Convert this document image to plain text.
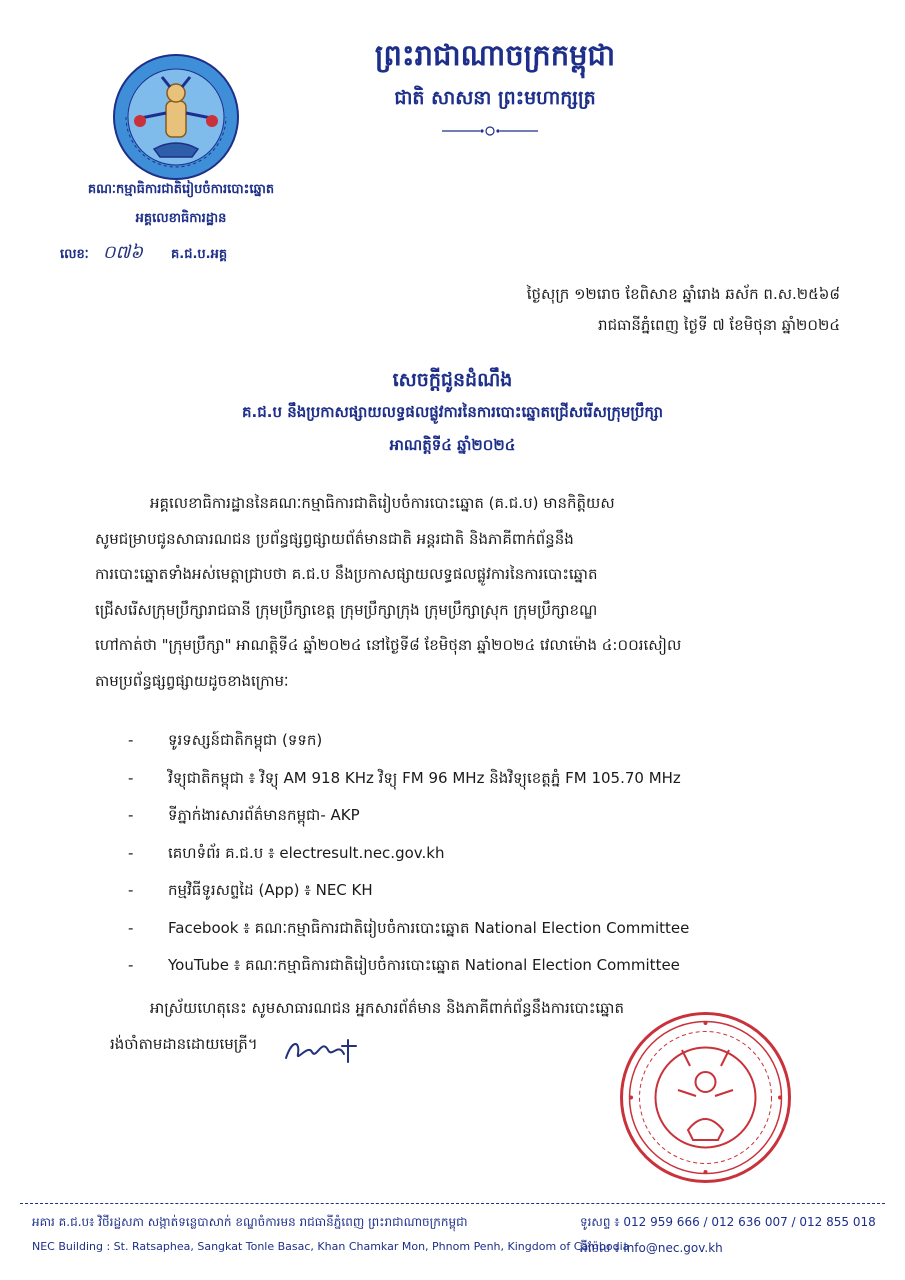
ព្រះរាជាណាចក្រកម្ពុជា
ជាតិ សាសនា ព្រះមហាក្សត្រ
គណៈកម្មាធិការជាតិរៀបចំការបោះឆ្នោត
អគ្គលេខាធិការដ្ឋាន
លេខៈ ០៧៦ គ.ជ.ប.អគ្គ
ថ្ងៃសុក្រ ១២រោច ខែពិសាខ ឆ្នាំរោង ឆស័ក ព.ស.២៥៦៨
រាជធានីភ្នំពេញ ថ្ងៃទី ៧ ខែមិថុនា ឆ្នាំ២០២៤
សេចក្តីជូនដំណឹង
គ.ជ.ប នឹងប្រកាសផ្សាយលទ្ធផលផ្លូវការនៃការបោះឆ្នោតជ្រើសរើសក្រុមប្រឹក្សា
អាណត្តិទី៤ ឆ្នាំ២០២៤
អគ្គលេខាធិការដ្ឋាននៃគណៈកម្មាធិការជាតិរៀបចំការបោះឆ្នោត (គ.ជ.ប) មានកិត្តិយស
សូមជម្រាបជូនសាធារណជន ប្រព័ន្ធផ្សព្វផ្សាយព័ត៌មានជាតិ អន្តរជាតិ និងភាគីពាក់ព័ន្ធនឹង
ការបោះឆ្នោតទាំងអស់មេត្តាជ្រាបថា គ.ជ.ប នឹងប្រកាសផ្សាយលទ្ធផលផ្លូវការនៃការបោះឆ្នោត
ជ្រើសរើសក្រុមប្រឹក្សារាជធានី ក្រុមប្រឹក្សាខេត្ត ក្រុមប្រឹក្សាក្រុង ក្រុមប្រឹក្សាស្រុក ក្រុមប្រឹក្សាខណ្ឌ
ហៅកាត់ថា "ក្រុមប្រឹក្សា" អាណត្តិទី៤ ឆ្នាំ២០២៤ នៅថ្ងៃទី៨ ខែមិថុនា ឆ្នាំ២០២៤ វេលាម៉ោង ៤:០០រសៀល
តាមប្រព័ន្ធផ្សព្វផ្សាយដូចខាងក្រោមៈ
-	ទូរទស្សន៍ជាតិកម្ពុជា (ទទក)
-	វិទ្យុជាតិកម្ពុជា ៖ វិទ្យុ AM 918 KHz វិទ្យុ FM 96 MHz និងវិទ្យុខេត្តភ្នំ FM 105.70 MHz
-	ទីភ្នាក់ងារសារព័ត៌មានកម្ពុជា- AKP
-	គេហទំព័រ គ.ជ.ប ៖ electresult.nec.gov.kh
-	កម្មវិធីទូរសព្ទដៃ (App) ៖ NEC KH
-	Facebook ៖ គណៈកម្មាធិការជាតិរៀបចំការបោះឆ្នោត National Election Committee
-	YouTube ៖ គណៈកម្មាធិការជាតិរៀបចំការបោះឆ្នោត National Election Committee
អាស្រ័យហេតុនេះ សូមសាធារណជន អ្នកសារព័ត៌មាន និងភាគីពាក់ព័ន្ធនឹងការបោះឆ្នោត
រង់ចាំតាមដានដោយមេត្រី។
អគារ គ.ជ.ប៖ វិថីរដ្ឋសភា សង្កាត់ទន្លេបាសាក់ ខណ្ឌចំការមន រាជធានីភ្នំពេញ ព្រះរាជាណាចក្រកម្ពុជា
NEC Building : St. Ratsaphea, Sangkat Tonle Basac, Khan Chamkar Mon, Phnom Penh, Kingdom of Cambodia
ទូរសព្ទ ៖ 012 959 666 / 012 636 007 / 012 855 018
អ៊ីម៉ែល ៖ info@nec.gov.kh
